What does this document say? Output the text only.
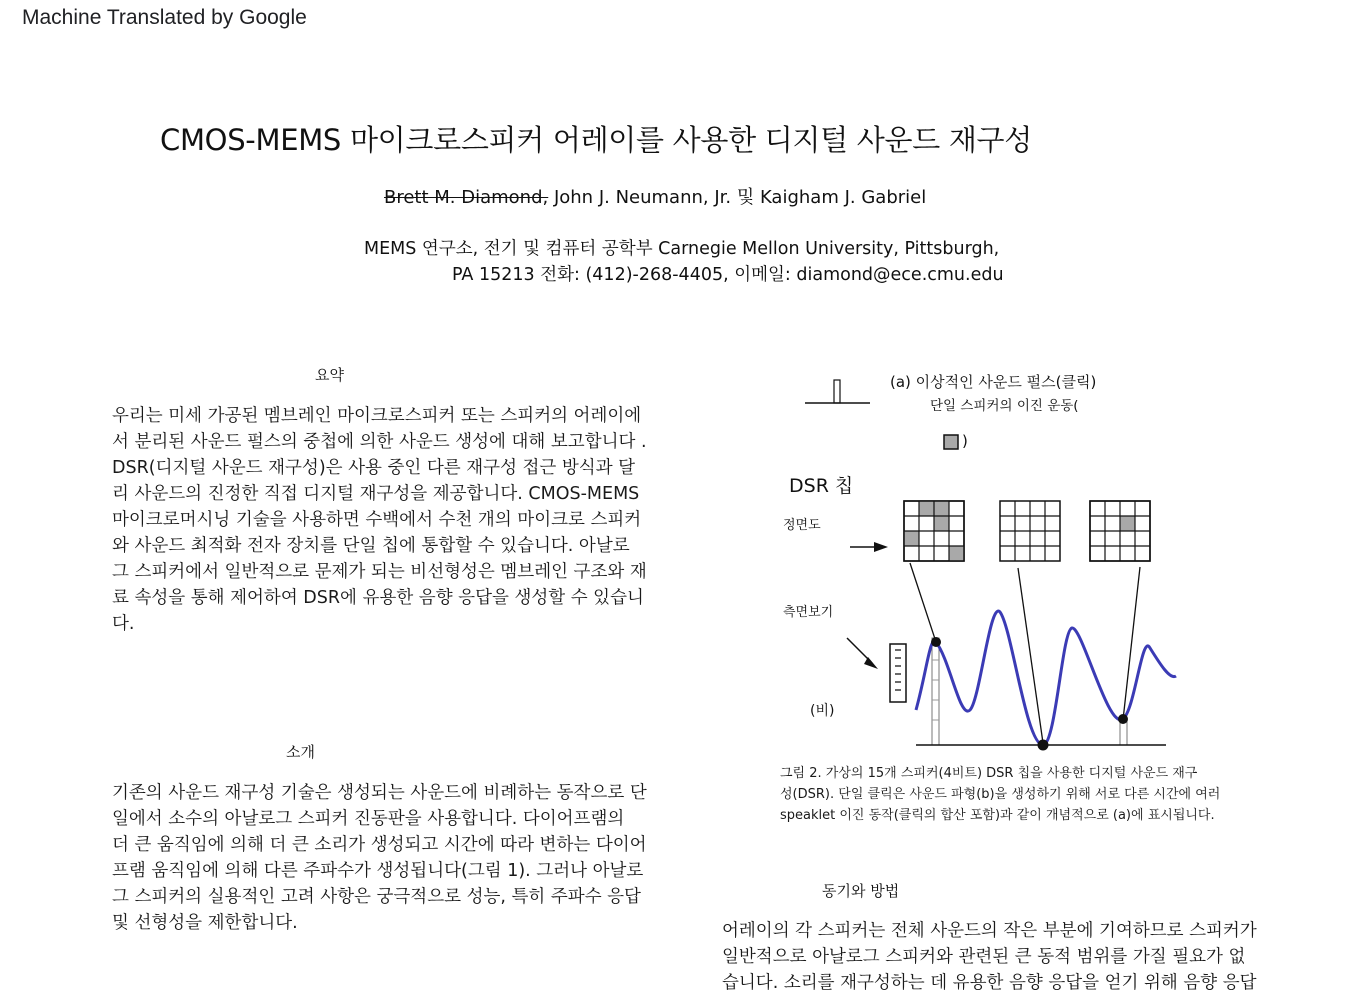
Machine Translated by Google
CMOS-MEMS 마이크로스피커 어레이를 사용한 디지털 사운드 재구성
Brett M. Diamond, John J. Neumann, Jr. 및 Kaigham J. Gabriel
MEMS 연구소, 전기 및 컴퓨터 공학부 Carnegie Mellon University, Pittsburgh,
PA 15213 전화: (412)-268-4405, 이메일: diamond@ece.cmu.edu
요약
우리는 미세 가공된 멤브레인 마이크로스피커 또는 스피커의 어레이에
서 분리된 사운드 펄스의 중첩에 의한 사운드 생성에 대해 보고합니다 .
DSR(디지털 사운드 재구성)은 사용 중인 다른 재구성 접근 방식과 달
리 사운드의 진정한 직접 디지털 재구성을 제공합니다. CMOS-MEMS
마이크로머시닝 기술을 사용하면 수백에서 수천 개의 마이크로 스피커
와 사운드 최적화 전자 장치를 단일 칩에 통합할 수 있습니다. 아날로
그 스피커에서 일반적으로 문제가 되는 비선형성은 멤브레인 구조와 재
료 속성을 통해 제어하여 DSR에 유용한 음향 응답을 생성할 수 있습니
다.
소개
기존의 사운드 재구성 기술은 생성되는 사운드에 비례하는 동작으로 단
일에서 소수의 아날로그 스피커 진동판을 사용합니다. 다이어프램의
더 큰 움직임에 의해 더 큰 소리가 생성되고 시간에 따라 변하는 다이어
프램 움직임에 의해 다른 주파수가 생성됩니다(그림 1). 그러나 아날로
그 스피커의 실용적인 고려 사항은 궁극적으로 성능, 특히 주파수 응답
및 선형성을 제한합니다.
(a) 이상적인 사운드 펄스(클릭)
단일 스피커의 이진 운동(
)
DSR 칩
정면도
측면보기
(비)
그림 2. 가상의 15개 스피커(4비트) DSR 칩을 사용한 디지털 사운드 재구
성(DSR). 단일 클릭은 사운드 파형(b)을 생성하기 위해 서로 다른 시간에 여러
speaklet 이진 동작(클릭의 합산 포함)과 같이 개념적으로 (a)에 표시됩니다.
동기와 방법
어레이의 각 스피커는 전체 사운드의 작은 부분에 기여하므로 스피커가
일반적으로 아날로그 스피커와 관련된 큰 동적 범위를 가질 필요가 없
습니다. 소리를 재구성하는 데 유용한 음향 응답을 얻기 위해 음향 응답
